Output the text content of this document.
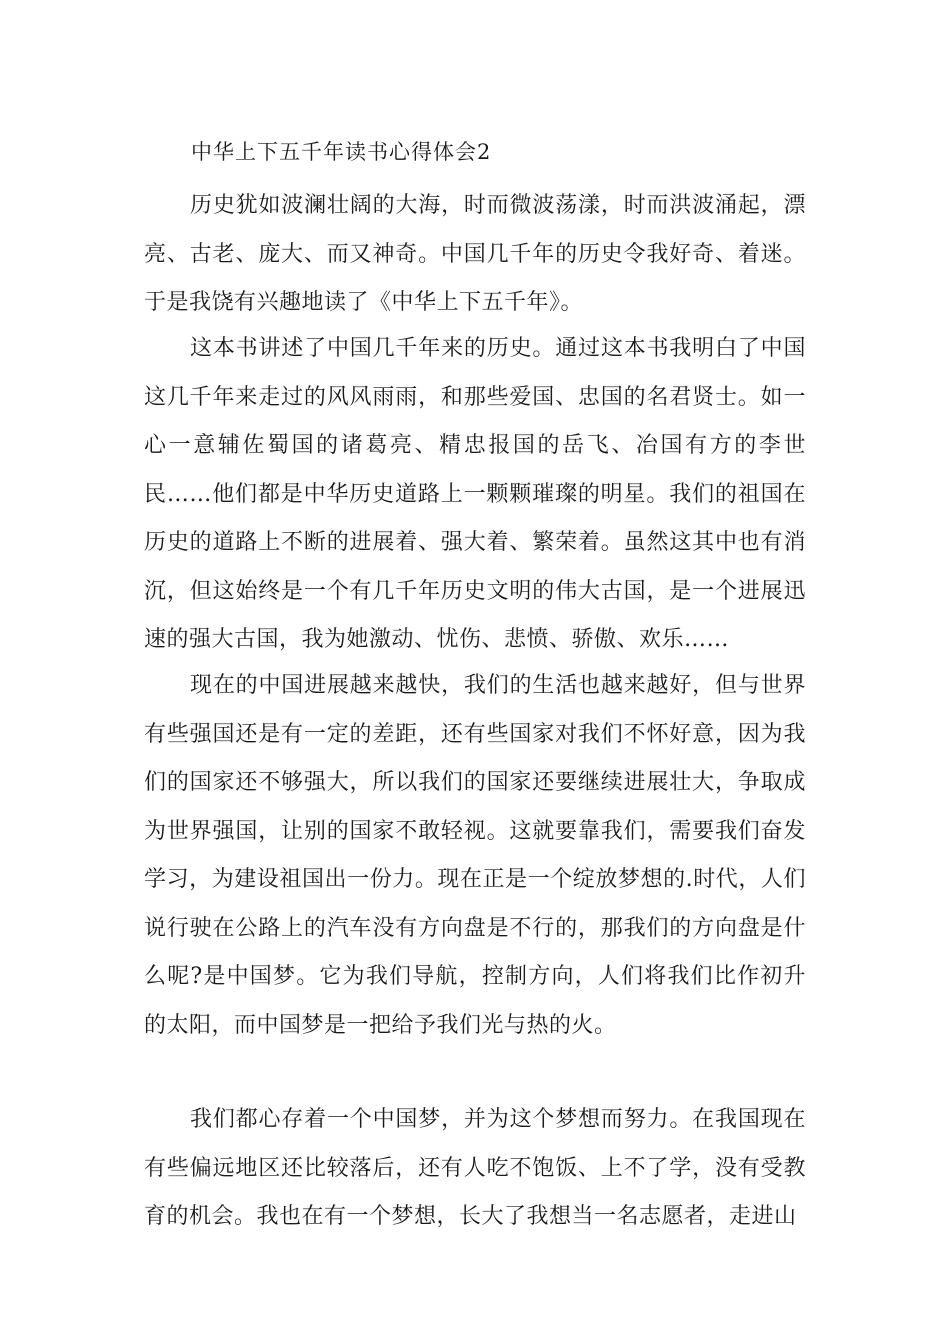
中华上下五千年读书心得体会2

历史犹如波澜壮阔的大海，时而微波荡漾，时而洪波涌起，漂亮、古老、庞大、而又神奇。中国几千年的历史令我好奇、着迷。于是我饶有兴趣地读了《中华上下五千年》。

这本书讲述了中国几千年来的历史。通过这本书我明白了中国这几千年来走过的风风雨雨，和那些爱国、忠国的名君贤士。如一心一意辅佐蜀国的诸葛亮、精忠报国的岳飞、冶国有方的李世民……他们都是中华历史道路上一颗颗璀璨的明星。我们的祖国在历史的道路上不断的进展着、强大着、繁荣着。虽然这其中也有消沉，但这始终是一个有几千年历史文明的伟大古国，是一个进展迅速的强大古国，我为她激动、忧伤、悲愤、骄傲、欢乐……

现在的中国进展越来越快，我们的生活也越来越好，但与世界有些强国还是有一定的差距，还有些国家对我们不怀好意，因为我们的国家还不够强大，所以我们的国家还要继续进展壮大，争取成为世界强国，让别的国家不敢轻视。这就要靠我们，需要我们奋发学习，为建设祖国出一份力。现在正是一个绽放梦想的.时代，人们说行驶在公路上的汽车没有方向盘是不行的，那我们的方向盘是什么呢?是中国梦。它为我们导航，控制方向，人们将我们比作初升的太阳，而中国梦是一把给予我们光与热的火。

我们都心存着一个中国梦，并为这个梦想而努力。在我国现在有些偏远地区还比较落后，还有人吃不饱饭、上不了学，没有受教育的机会。我也在有一个梦想，长大了我想当一名志愿者，走进山
